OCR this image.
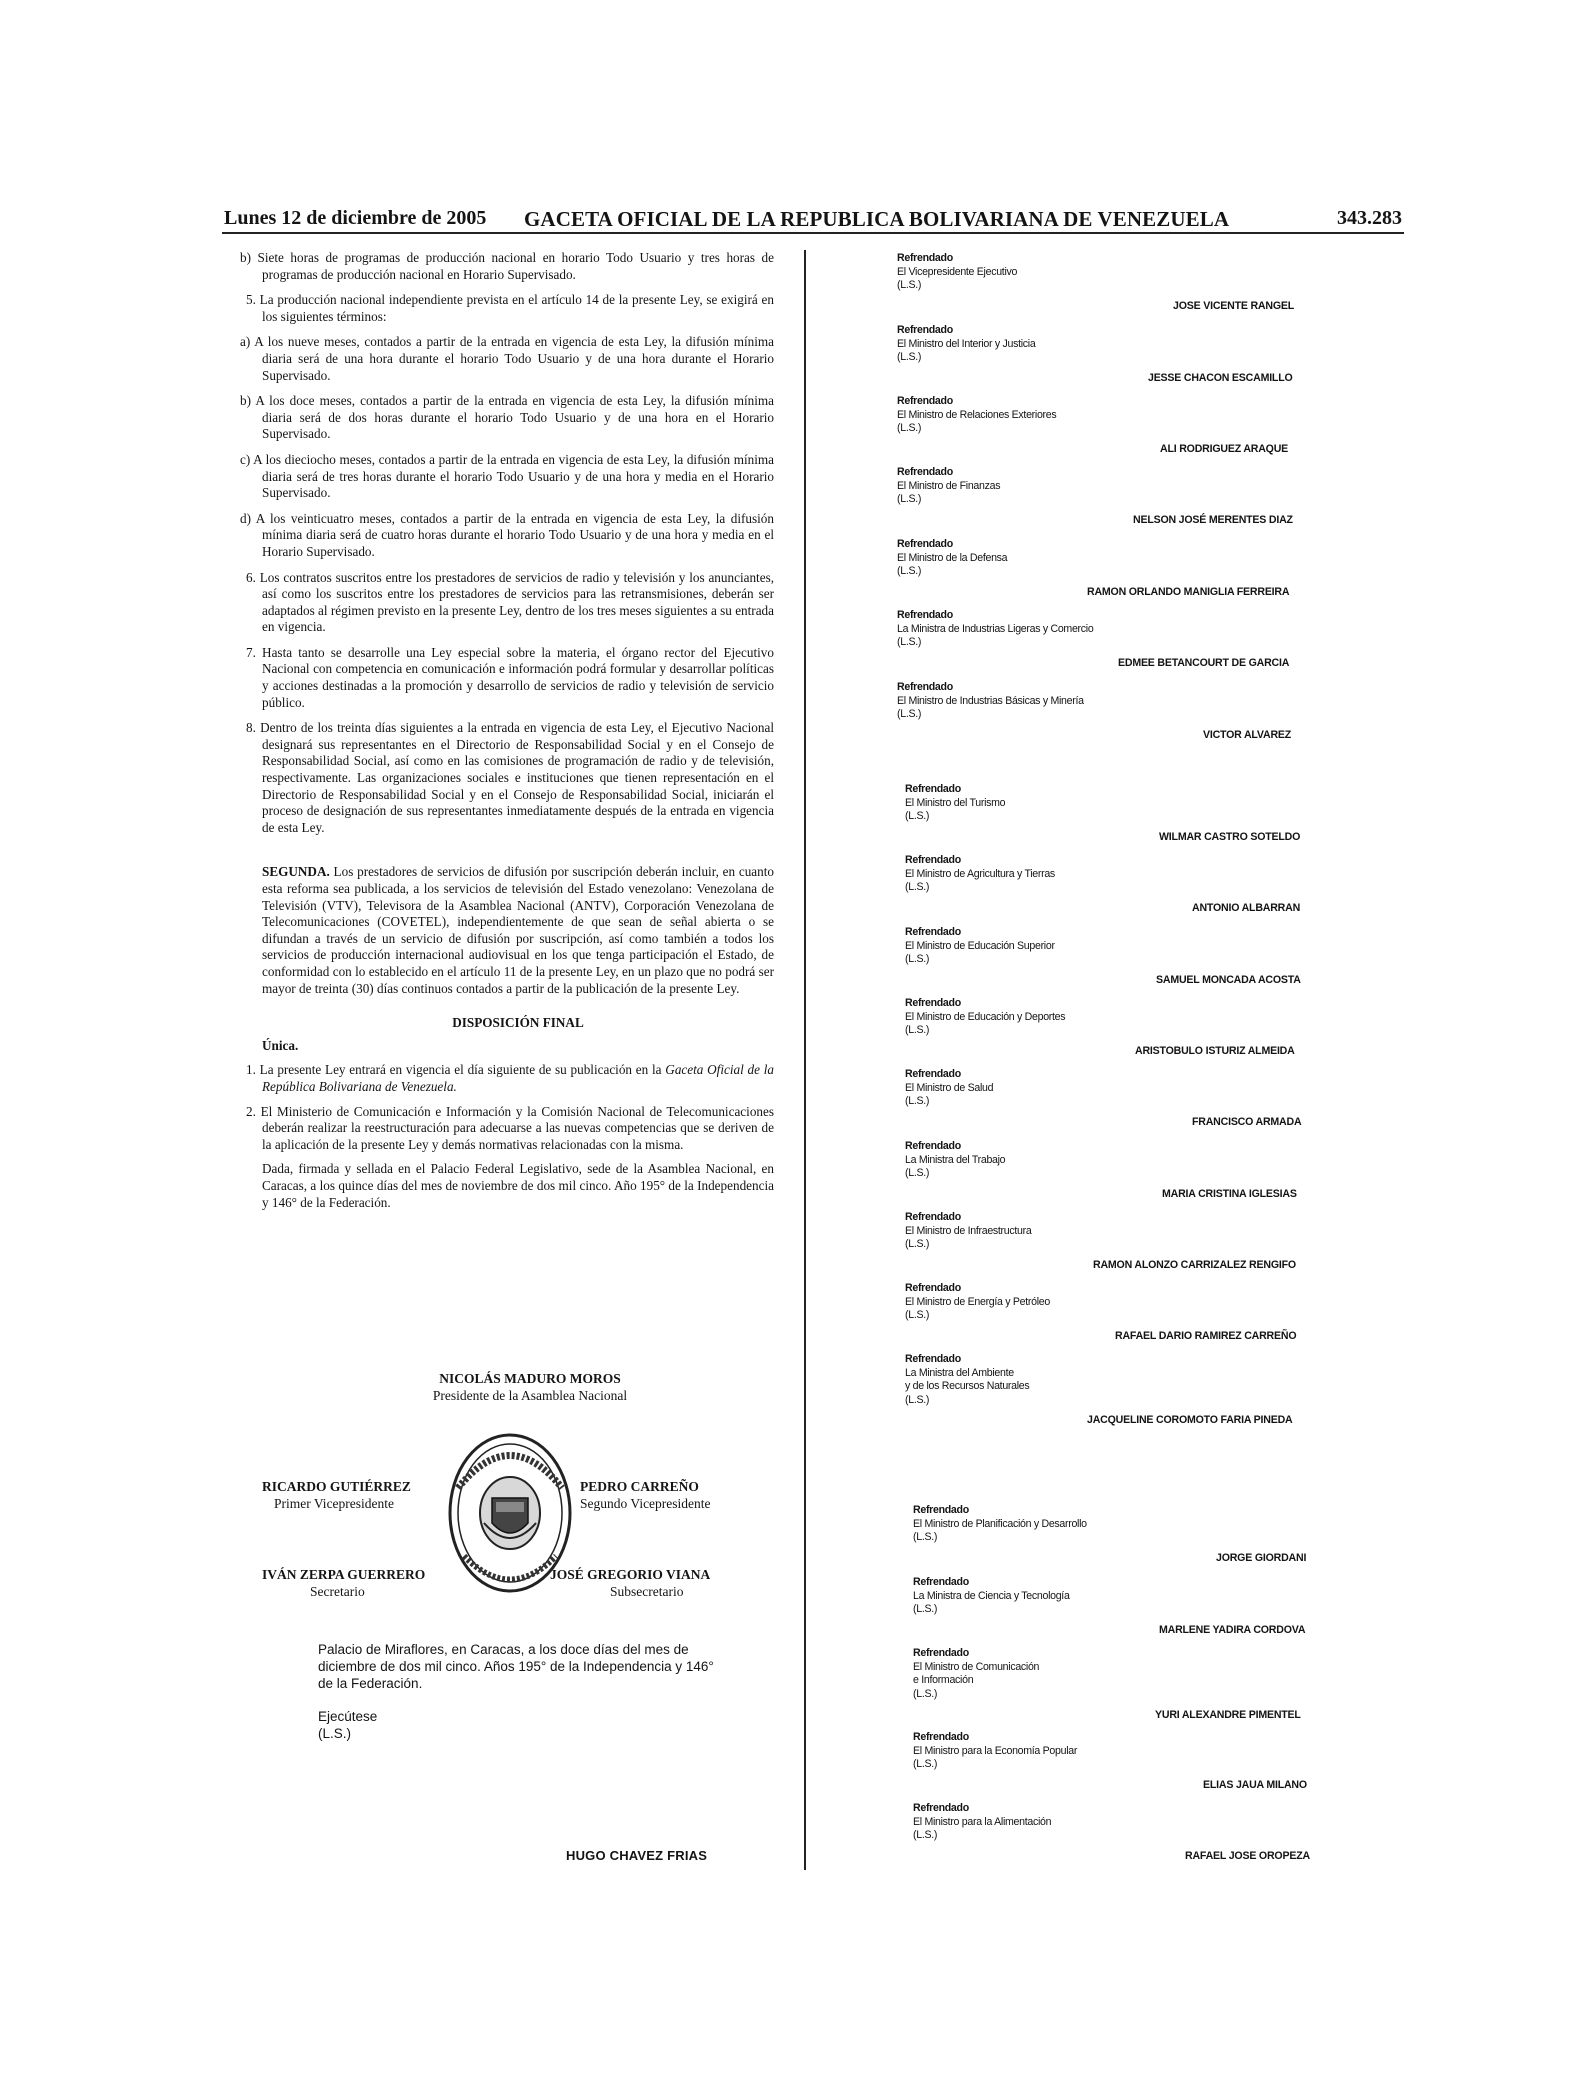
Lunes 12 de diciembre de 2005 GACETA OFICIAL DE LA REPUBLICA BOLIVARIANA DE VENEZUELA	343.283

b) Siete horas de programas de producción nacional en horario Todo Usuario y tres horas de programas de producción nacional en Horario Supervisado.

5. La producción nacional independiente prevista en el artículo 14 de la presente Ley, se exigirá en los siguientes términos:

a) A los nueve meses, contados a partir de la entrada en vigencia de esta Ley, la difusión mínima diaria será de una hora durante el horario Todo Usuario y de una hora durante el Horario Supervisado.

b) A los doce meses, contados a partir de la entrada en vigencia de esta Ley, la difusión mínima diaria será de dos horas durante el horario Todo Usuario y de una hora en el Horario Supervisado.

c) A los dieciocho meses, contados a partir de la entrada en vigencia de esta Ley, la difusión mínima diaria será de tres horas durante el horario Todo Usuario y de una hora y media en el Horario Supervisado.

d) A los veinticuatro meses, contados a partir de la entrada en vigencia de esta Ley, la difusión mínima diaria será de cuatro horas durante el horario Todo Usuario y de una hora y media en el Horario Supervisado.

6. Los contratos suscritos entre los prestadores de servicios de radio y televisión y los anunciantes, así como los suscritos entre los prestadores de servicios para las retransmisiones, deberán ser adaptados al régimen previsto en la presente Ley, dentro de los tres meses siguientes a su entrada en vigencia.

7. Hasta tanto se desarrolle una Ley especial sobre la materia, el órgano rector del Ejecutivo Nacional con competencia en comunicación e información podrá formular y desarrollar políticas y acciones destinadas a la promoción y desarrollo de servicios de radio y televisión de servicio público.

8. Dentro de los treinta días siguientes a la entrada en vigencia de esta Ley, el Ejecutivo Nacional designará sus representantes en el Directorio de Responsabilidad Social y en el Consejo de Responsabilidad Social, así como en las comisiones de programación de radio y de televisión, respectivamente. Las organizaciones sociales e instituciones que tienen representación en el Directorio de Responsabilidad Social y en el Consejo de Responsabilidad Social, iniciarán el proceso de designación de sus representantes inmediatamente después de la entrada en vigencia de esta Ley.

SEGUNDA. Los prestadores de servicios de difusión por suscripción deberán incluir, en cuanto esta reforma sea publicada, a los servicios de televisión del Estado venezolano: Venezolana de Televisión (VTV), Televisora de la Asamblea Nacional (ANTV), Corporación Venezolana de Telecomunicaciones (COVETEL), independientemente de que sean de señal abierta o se difundan a través de un servicio de difusión por suscripción, así como también a todos los servicios de producción internacional audiovisual en los que tenga participación el Estado, de conformidad con lo establecido en el artículo 11 de la presente Ley, en un plazo que no podrá ser mayor de treinta (30) días continuos contados a partir de la publicación de la presente Ley.

DISPOSICIÓN FINAL

Única.

1. La presente Ley entrará en vigencia el día siguiente de su publicación en la Gaceta Oficial de la República Bolivariana de Venezuela.

2. El Ministerio de Comunicación e Información y la Comisión Nacional de Telecomunicaciones deberán realizar la reestructuración para adecuarse a las nuevas competencias que se deriven de la aplicación de la presente Ley y demás normativas relacionadas con la misma.

Dada, firmada y sellada en el Palacio Federal Legislativo, sede de la Asamblea Nacional, en Caracas, a los quince días del mes de noviembre de dos mil cinco. Año 195° de la Independencia y 146° de la Federación.

NICOLÁS MADURO MOROS
Presidente de la Asamblea Nacional
RICARDO GUTIÉRREZ
Primer Vicepresidente
PEDRO CARREÑO
Segundo Vicepresidente
IVÁN ZERPA GUERRERO
Secretario
JOSÉ GREGORIO VIANA
Subsecretario

Palacio de Miraflores, en Caracas, a los doce días del mes de diciembre de dos mil cinco. Años 195° de la Independencia y 146° de la Federación.

Ejecútese

(L.S.)

HUGO CHAVEZ FRIAS
Refrendado
El Vicepresidente Ejecutivo
(L.S.)
JOSE VICENTE RANGEL
Refrendado
El Ministro del Interior y Justicia
(L.S.)
JESSE CHACON ESCAMILLO
Refrendado
El Ministro de Relaciones Exteriores
(L.S.)
ALI RODRIGUEZ ARAQUE
Refrendado
El Ministro de Finanzas
(L.S.)
NELSON JOSÉ MERENTES DIAZ
Refrendado
El Ministro de la Defensa
(L.S.)
RAMON ORLANDO MANIGLIA FERREIRA
Refrendado
La Ministra de Industrias Ligeras y Comercio
(L.S.)
EDMEE BETANCOURT DE GARCIA
Refrendado
El Ministro de Industrias Básicas y Minería
(L.S.)
VICTOR ALVAREZ
Refrendado
El Ministro del Turismo
(L.S.)
WILMAR CASTRO SOTELDO
Refrendado
El Ministro de Agricultura y Tierras
(L.S.)
ANTONIO ALBARRAN
Refrendado
El Ministro de Educación Superior
(L.S.)
SAMUEL MONCADA ACOSTA
Refrendado
El Ministro de Educación y Deportes
(L.S.)
ARISTOBULO ISTURIZ ALMEIDA
Refrendado
El Ministro de Salud
(L.S.)
FRANCISCO ARMADA
Refrendado
La Ministra del Trabajo
(L.S.)
MARIA CRISTINA IGLESIAS
Refrendado
El Ministro de Infraestructura
(L.S.)
RAMON ALONZO CARRIZALEZ RENGIFO
Refrendado
El Ministro de Energía y Petróleo
(L.S.)
RAFAEL DARIO RAMIREZ CARREÑO
Refrendado
La Ministra del Ambiente
y de los Recursos Naturales
(L.S.)
JACQUELINE COROMOTO FARIA PINEDA
Refrendado
El Ministro de Planificación y Desarrollo
(L.S.)
JORGE GIORDANI
Refrendado
La Ministra de Ciencia y Tecnología
(L.S.)
MARLENE YADIRA CORDOVA
Refrendado
El Ministro de Comunicación
e Información
(L.S.)
YURI ALEXANDRE PIMENTEL
Refrendado
El Ministro para la Economía Popular
(L.S.)
ELIAS JAUA MILANO
Refrendado
El Ministro para la Alimentación
(L.S.)
RAFAEL JOSE OROPEZA
